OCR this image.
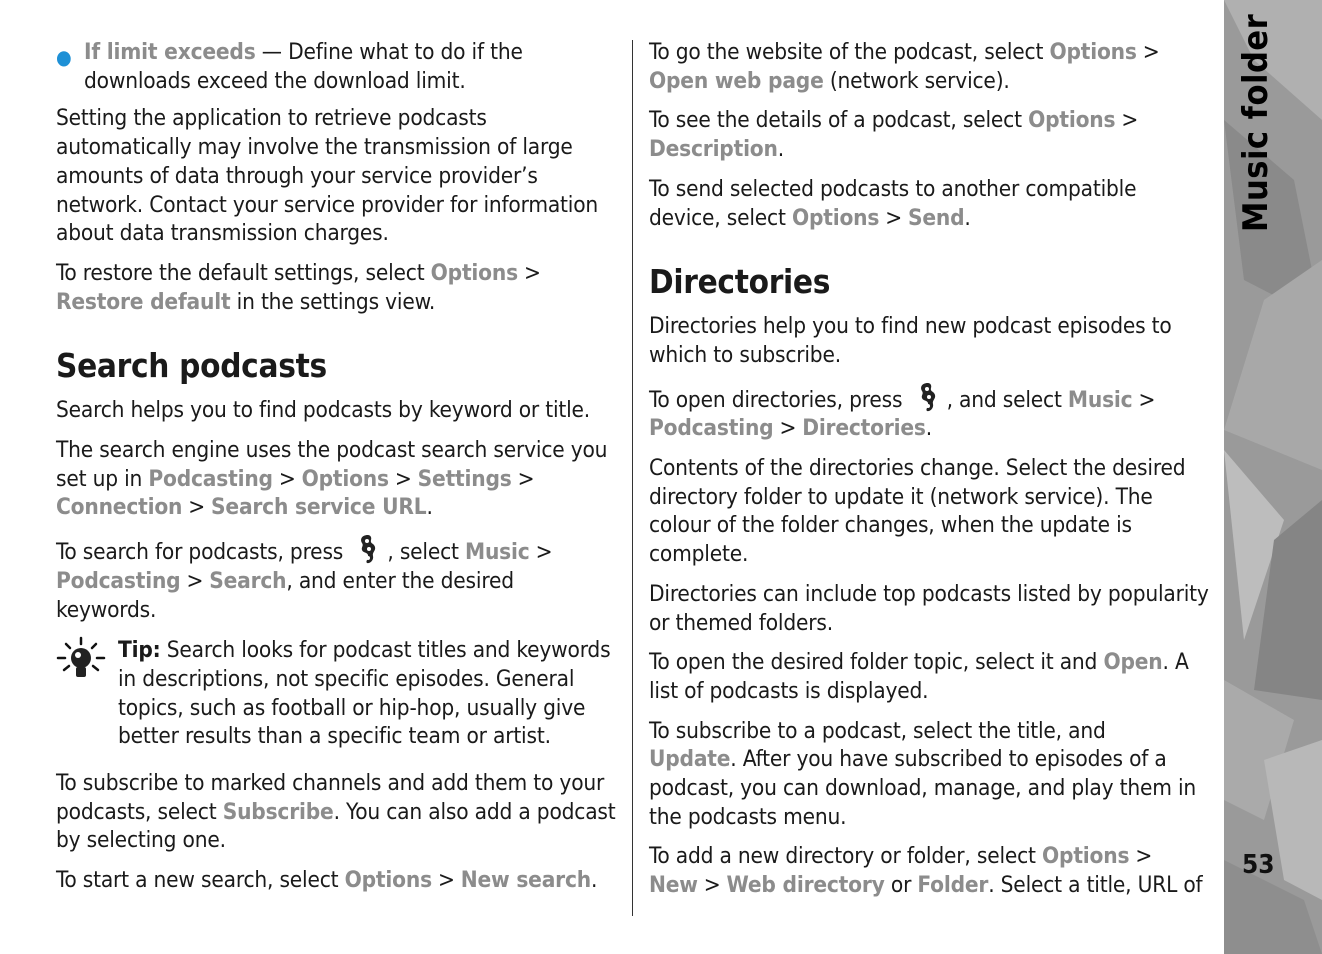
● If limit exceeds — Define what to do if the downloads exceed the download limit.

Setting the application to retrieve podcasts automatically may involve the transmission of large amounts of data through your service provider’s network. Contact your service provider for information about data transmission charges.

To restore the default settings, select Options >
Restore default in the settings view.

Search podcasts

Search helps you to find podcasts by keyword or title.

The search engine uses the podcast search service you set up in Podcasting > Options > Settings >
Connection > Search service URL.

To search for podcasts, press , select Music >
Podcasting > Search, and enter the desired keywords.

Tip: Search looks for podcast titles and keywords in descriptions, not specific episodes. General topics, such as football or hip-hop, usually give better results than a specific team or artist.

To subscribe to marked channels and add them to your podcasts, select Subscribe. You can also add a podcast by selecting one.

To start a new search, select Options > New search.

To go the website of the podcast, select Options >
Open web page (network service).

To see the details of a podcast, select Options >
Description.

To send selected podcasts to another compatible device, select Options > Send.

Directories

Directories help you to find new podcast episodes to which to subscribe.

To open directories, press , and select Music >
Podcasting > Directories.

Contents of the directories change. Select the desired directory folder to update it (network service). The colour of the folder changes, when the update is complete.

Directories can include top podcasts listed by popularity or themed folders.

To open the desired folder topic, select it and Open. A list of podcasts is displayed.

To subscribe to a podcast, select the title, and
Update. After you have subscribed to episodes of a podcast, you can download, manage, and play them in the podcasts menu.

To add a new directory or folder, select Options >
New > Web directory or Folder. Select a title, URL of

Music folder
53
